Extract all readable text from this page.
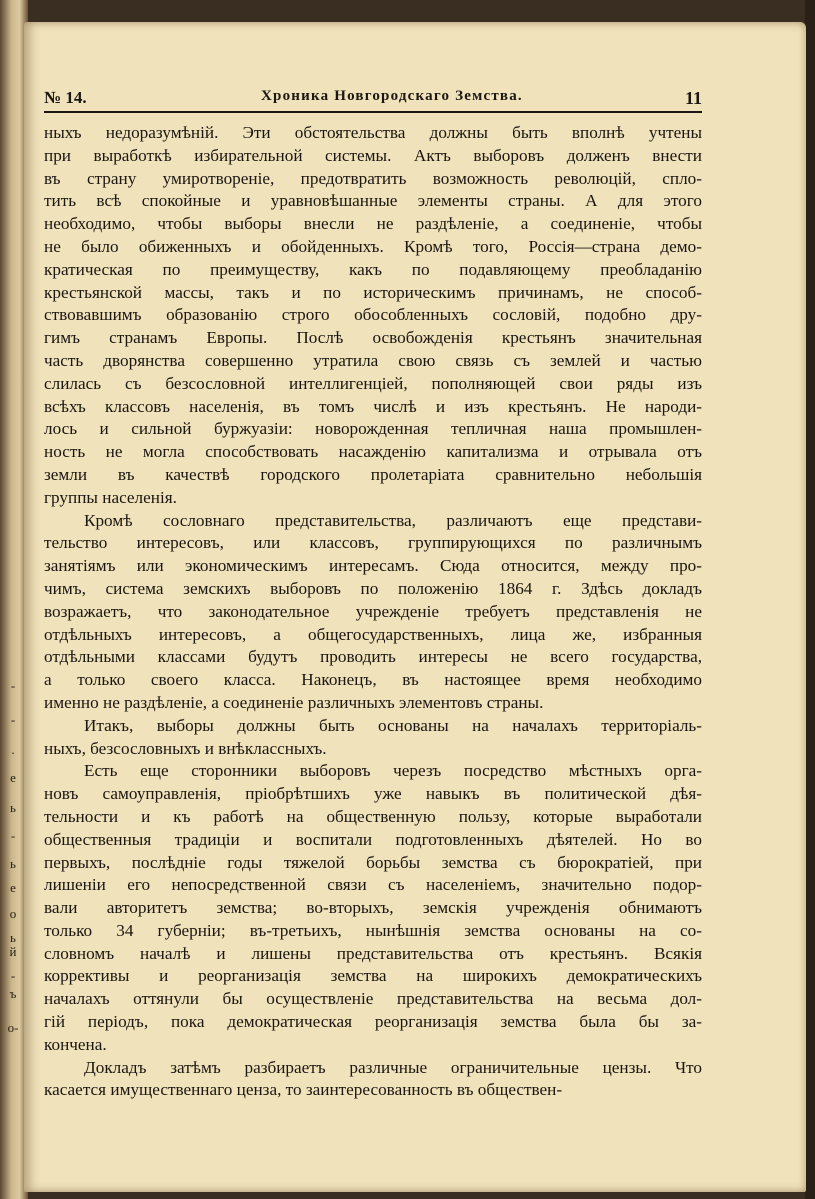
-
-
.
е
ь
-
ь
е
о
ь
й
-
ъ
о-
№ 14.	Хроника Новгородскаго Земства.	11
ныхъ недоразумѣній. Эти обстоятельства должны быть вполнѣ учтены
при выработкѣ избирательной системы. Актъ выборовъ долженъ внести
въ страну умиротвореніе, предотвратить возможность революцій, спло-
тить всѣ спокойные и уравновѣшанные элементы страны. А для этого
необходимо, чтобы выборы внесли не раздѣленіе, а соединеніе, чтобы
не было обиженныхъ и обойденныхъ. Кромѣ того, Россія—страна демо-
кратическая по преимуществу, какъ по подавляющему преобладанію
крестьянской массы, такъ и по историческимъ причинамъ, не способ-
ствовавшимъ образованію строго обособленныхъ сословій, подобно дру-
гимъ странамъ Европы. Послѣ освобожденія крестьянъ значительная
часть дворянства совершенно утратила свою связь съ землей и частью
слилась съ безсословной интеллигенціей, пополняющей свои ряды изъ
всѣхъ классовъ населенія, въ томъ числѣ и изъ крестьянъ. Не народи-
лось и сильной буржуазіи: новорожденная тепличная наша промышлен-
ность не могла способствовать насажденію капитализма и отрывала отъ
земли въ качествѣ городского пролетаріата сравнительно небольшія
группы населенія.
Кромѣ сословнаго представительства, различаютъ еще представи-
тельство интересовъ, или классовъ, группирующихся по различнымъ
занятіямъ или экономическимъ интересамъ. Сюда относится, между про-
чимъ, система земскихъ выборовъ по положенію 1864 г. Здѣсь докладъ
возражаетъ, что законодательное учрежденіе требуетъ представленія не
отдѣльныхъ интересовъ, а общегосударственныхъ, лица же, избранныя
отдѣльными классами будутъ проводить интересы не всего государства,
а только своего класса. Наконецъ, въ настоящее время необходимо
именно не раздѣленіе, а соединеніе различныхъ элементовъ страны.
Итакъ, выборы должны быть основаны на началахъ территоріаль-
ныхъ, безсословныхъ и внѣклассныхъ.
Есть еще сторонники выборовъ черезъ посредство мѣстныхъ орга-
новъ самоуправленія, пріобрѣтшихъ уже навыкъ въ политической дѣя-
тельности и къ работѣ на общественную пользу, которые выработали
общественныя традиціи и воспитали подготовленныхъ дѣятелей. Но во
первыхъ, послѣдніе годы тяжелой борьбы земства съ бюрократіей, при
лишеніи его непосредственной связи съ населеніемъ, значительно подор-
вали авторитетъ земства; во-вторыхъ, земскія учрежденія обнимаютъ
только 34 губерніи; въ-третьихъ, нынѣшнія земства основаны на со-
словномъ началѣ и лишены представительства отъ крестьянъ. Всякія
коррективы и реорганизація земства на широкихъ демократическихъ
началахъ оттянули бы осуществленіе представительства на весьма дол-
гій періодъ, пока демократическая реорганизація земства была бы за-
кончена.
Докладъ затѣмъ разбираетъ различные ограничительные цензы. Что
касается имущественнаго ценза, то заинтересованность въ обществен-
